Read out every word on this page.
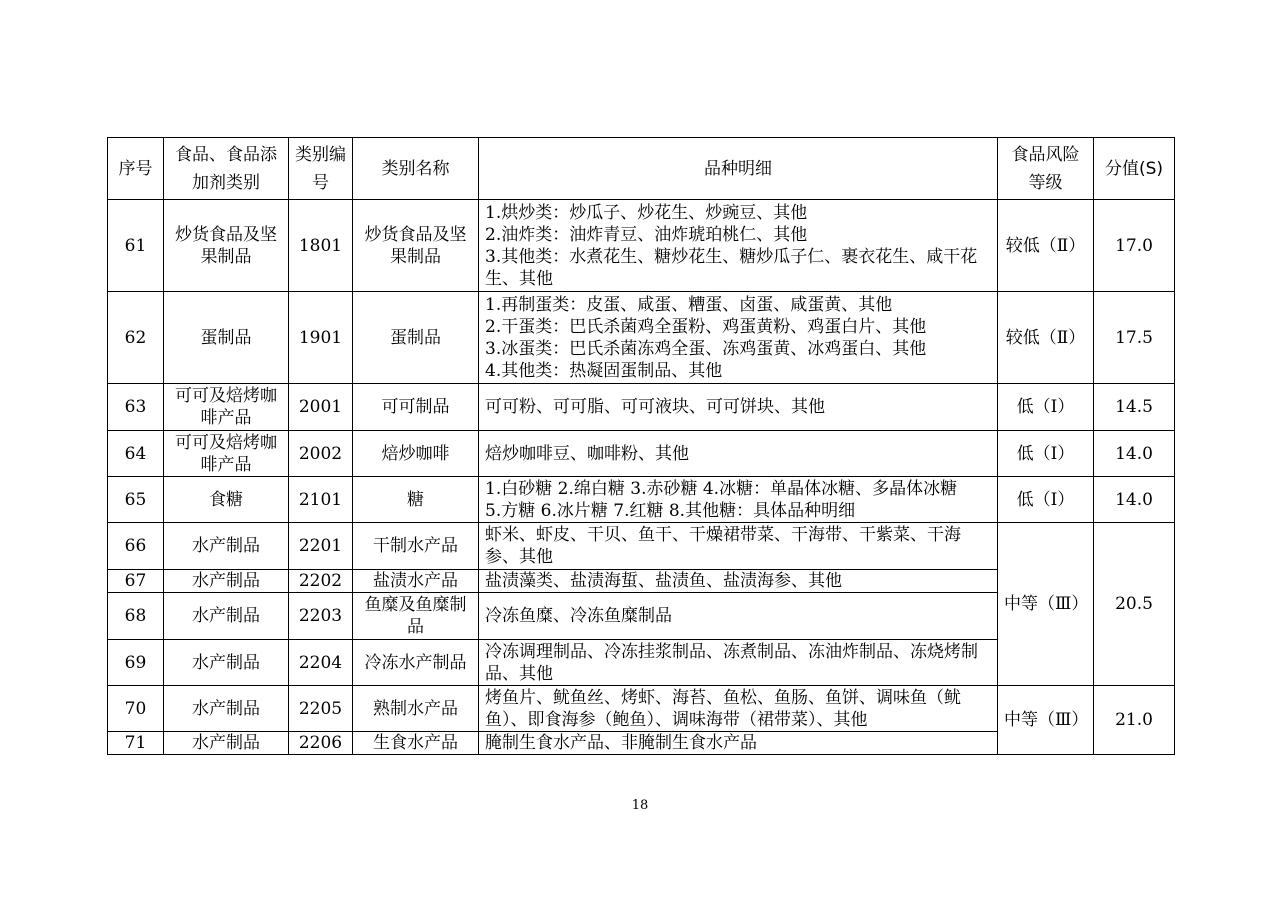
序号	食品、食品添加剂类别	类别编号	类别名称	品种明细	食品风险等级	分值(S)
61	炒货食品及坚果制品	1801	炒货食品及坚果制品	1.烘炒类：炒瓜子、炒花生、炒豌豆、其他
2.油炸类：油炸青豆、油炸琥珀桃仁、其他
3.其他类：水煮花生、糖炒花生、糖炒瓜子仁、裹衣花生、咸干花生、其他	较低（Ⅱ）	17.0
62	蛋制品	1901	蛋制品	1.再制蛋类：皮蛋、咸蛋、糟蛋、卤蛋、咸蛋黄、其他
2.干蛋类：巴氏杀菌鸡全蛋粉、鸡蛋黄粉、鸡蛋白片、其他
3.冰蛋类：巴氏杀菌冻鸡全蛋、冻鸡蛋黄、冰鸡蛋白、其他
4.其他类：热凝固蛋制品、其他	较低（Ⅱ）	17.5
63	可可及焙烤咖啡产品	2001	可可制品	可可粉、可可脂、可可液块、可可饼块、其他	低（Ⅰ）	14.5
64	可可及焙烤咖啡产品	2002	焙炒咖啡	焙炒咖啡豆、咖啡粉、其他	低（Ⅰ）	14.0
65	食糖	2101	糖	1.白砂糖 2.绵白糖 3.赤砂糖 4.冰糖：单晶体冰糖、多晶体冰糖
5.方糖 6.冰片糖 7.红糖 8.其他糖：具体品种明细	低（Ⅰ）	14.0
66	水产制品	2201	干制水产品	虾米、虾皮、干贝、鱼干、干燥裙带菜、干海带、干紫菜、干海参、其他	中等（Ⅲ）	20.5
67	水产制品	2202	盐渍水产品	盐渍藻类、盐渍海蜇、盐渍鱼、盐渍海参、其他		

68	水产制品	2203	鱼糜及鱼糜制品	冷冻鱼糜、冷冻鱼糜制品		

69	水产制品	2204	冷冻水产制品	冷冻调理制品、冷冻挂浆制品、冻煮制品、冻油炸制品、冻烧烤制品、其他		

70	水产制品	2205	熟制水产品	烤鱼片、鱿鱼丝、烤虾、海苔、鱼松、鱼肠、鱼饼、调味鱼（鱿鱼）、即食海参（鲍鱼）、调味海带（裙带菜）、其他	中等（Ⅲ）	21.0
71	水产制品	2206	生食水产品	腌制生食水产品、非腌制生食水产品		
18
